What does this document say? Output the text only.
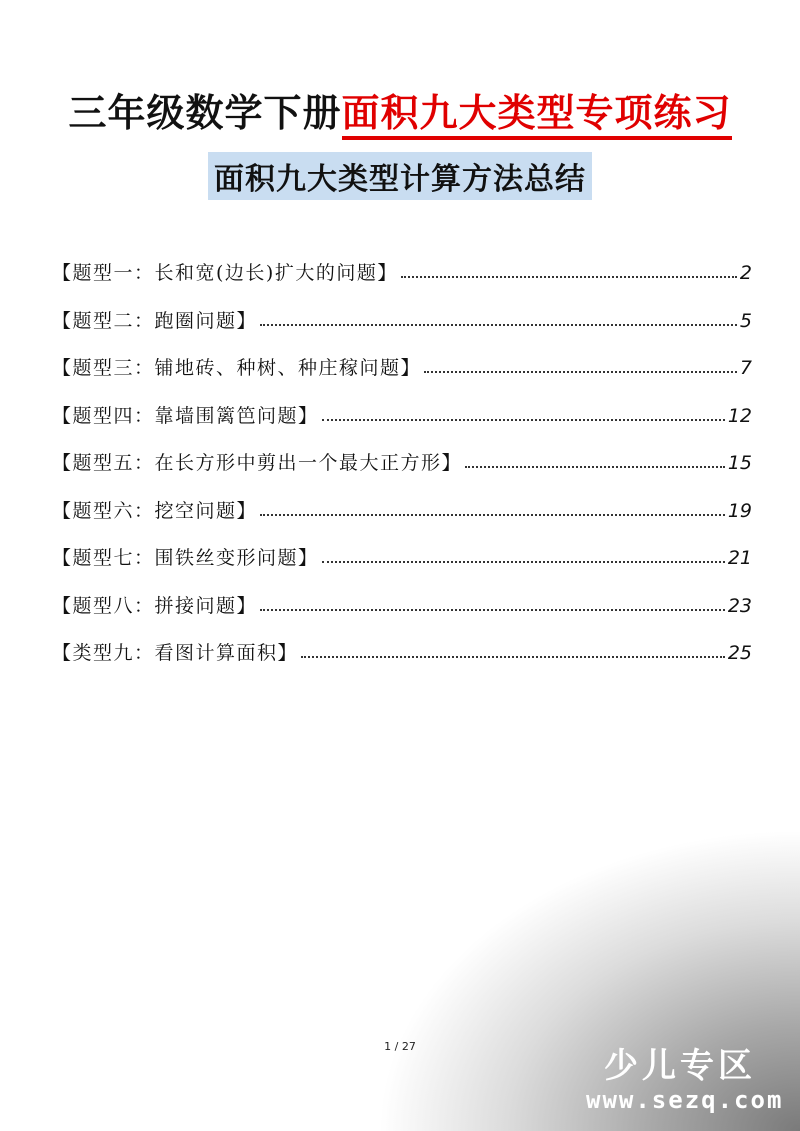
三年级数学下册面积九大类型专项练习
面积九大类型计算方法总结
【题型一：长和宽(边长)扩大的问题】	2
【题型二：跑圈问题】	5
【题型三：铺地砖、种树、种庄稼问题】	7
【题型四：靠墙围篱笆问题】	12
【题型五：在长方形中剪出一个最大正方形】	15
【题型六：挖空问题】	19
【题型七：围铁丝变形问题】	21
【题型八：拼接问题】	23
【类型九：看图计算面积】	25
1 / 27	少儿专区
www.sezq.com
